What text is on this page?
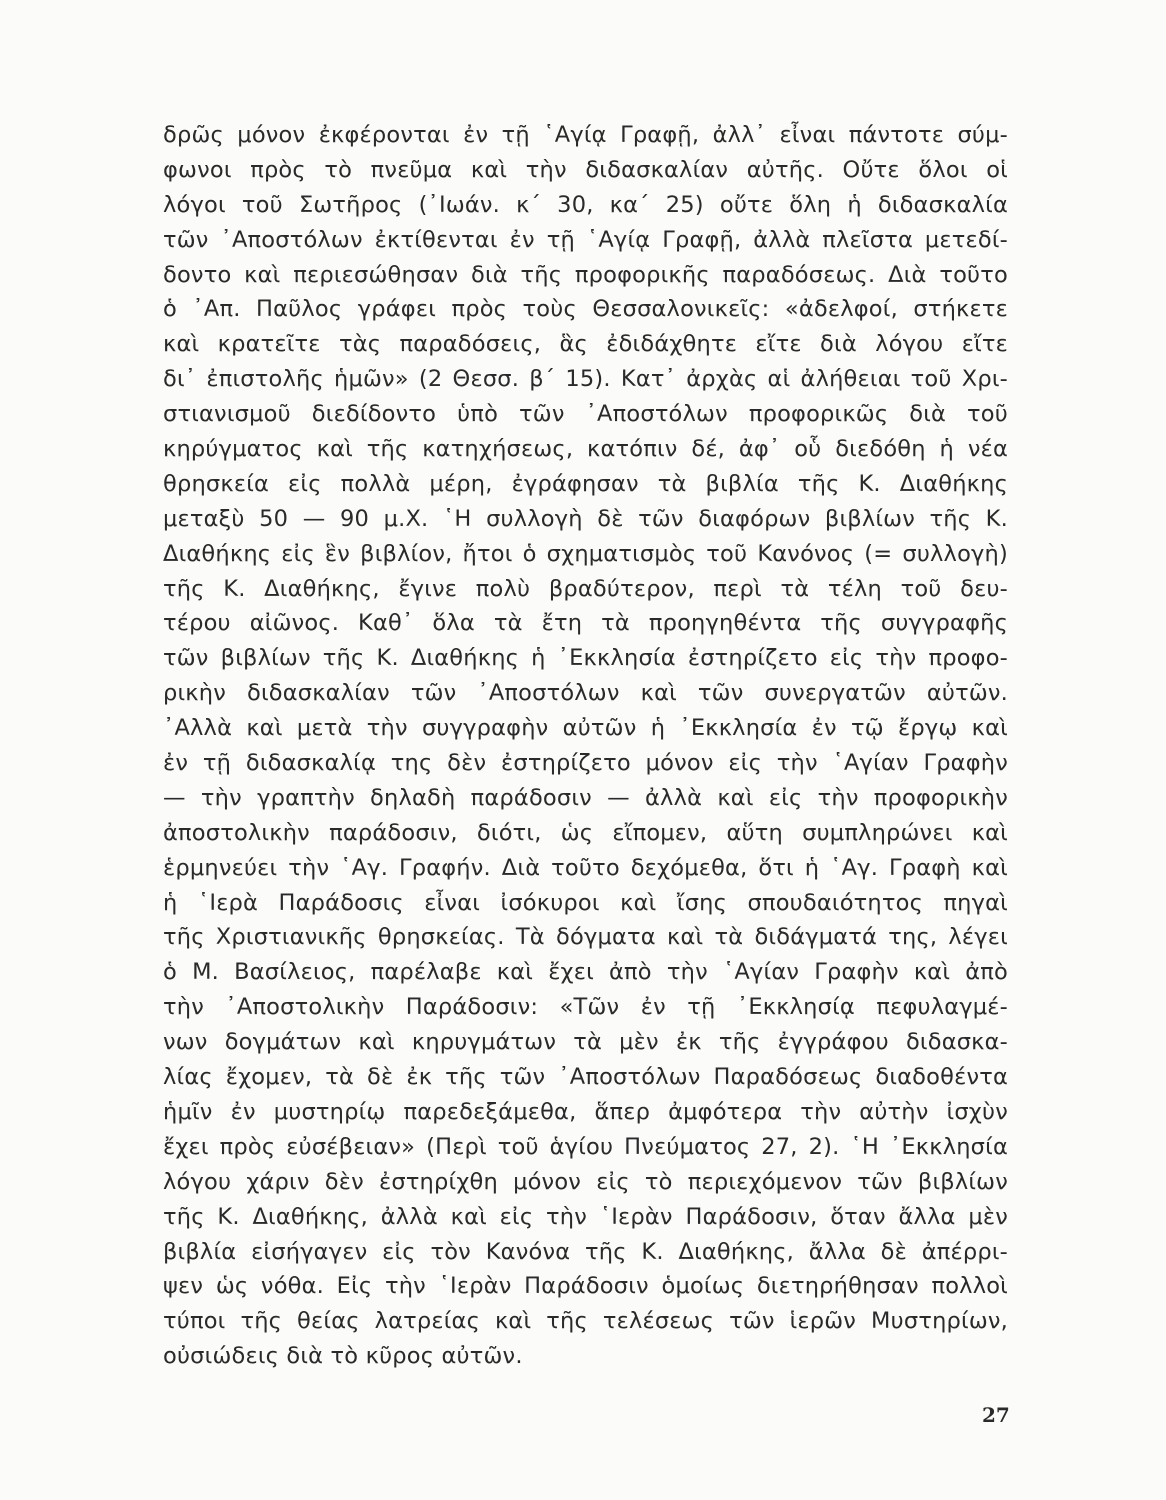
δρῶς μόνον ἐκφέρονται ἐν τῇ ῾Αγίᾳ Γραφῇ, ἀλλ᾽ εἶναι πάντοτε σύμ-
φωνοι πρὸς τὸ πνεῦμα καὶ τὴν διδασκαλίαν αὐτῆς. Οὔτε ὅλοι οἱ
λόγοι τοῦ Σωτῆρος (᾽Ιωάν. κ΄ 30, κα΄ 25) οὔτε ὅλη ἡ διδασκαλία
τῶν ᾽Αποστόλων ἐκτίθενται ἐν τῇ ῾Αγίᾳ Γραφῇ, ἀλλὰ πλεῖστα μετεδί-
δοντο καὶ περιεσώθησαν διὰ τῆς προφορικῆς παραδόσεως. Διὰ τοῦτο
ὁ ᾽Απ. Παῦλος γράφει πρὸς τοὺς Θεσσαλονικεῖς: «ἀδελφοί, στήκετε
καὶ κρατεῖτε τὰς παραδόσεις, ἃς ἐδιδάχθητε εἴτε διὰ λόγου εἴτε
δι᾽ ἐπιστολῆς ἡμῶν» (2 Θεσσ. β΄ 15). Κατ᾽ ἀρχὰς αἱ ἀλήθειαι τοῦ Χρι-
στιανισμοῦ διεδίδοντο ὑπὸ τῶν ᾽Αποστόλων προφορικῶς διὰ τοῦ
κηρύγματος καὶ τῆς κατηχήσεως, κατόπιν δέ, ἀφ᾽ οὗ διεδόθη ἡ νέα
θρησκεία εἰς πολλὰ μέρη, ἐγράφησαν τὰ βιβλία τῆς Κ. Διαθήκης
μεταξὺ 50 — 90 μ.Χ. ῾Η συλλογὴ δὲ τῶν διαφόρων βιβλίων τῆς Κ.
Διαθήκης εἰς ἓν βιβλίον, ἤτοι ὁ σχηματισμὸς τοῦ Κανόνος (= συλλογὴ)
τῆς Κ. Διαθήκης, ἔγινε πολὺ βραδύτερον, περὶ τὰ τέλη τοῦ δευ-
τέρου αἰῶνος. Καθ᾽ ὅλα τὰ ἔτη τὰ προηγηθέντα τῆς συγγραφῆς
τῶν βιβλίων τῆς Κ. Διαθήκης ἡ ᾽Εκκλησία ἐστηρίζετο εἰς τὴν προφο-
ρικὴν διδασκαλίαν τῶν ᾽Αποστόλων καὶ τῶν συνεργατῶν αὐτῶν.
᾽Αλλὰ καὶ μετὰ τὴν συγγραφὴν αὐτῶν ἡ ᾽Εκκλησία ἐν τῷ ἔργῳ καὶ
ἐν τῇ διδασκαλίᾳ της δὲν ἐστηρίζετο μόνον εἰς τὴν ῾Αγίαν Γραφὴν
— τὴν γραπτὴν δηλαδὴ παράδοσιν — ἀλλὰ καὶ εἰς τὴν προφορικὴν
ἀποστολικὴν παράδοσιν, διότι, ὡς εἴπομεν, αὕτη συμπληρώνει καὶ
ἑρμηνεύει τὴν ῾Αγ. Γραφήν. Διὰ τοῦτο δεχόμεθα, ὅτι ἡ ῾Αγ. Γραφὴ καὶ
ἡ ῾Ιερὰ Παράδοσις εἶναι ἰσόκυροι καὶ ἴσης σπουδαιότητος πηγαὶ
τῆς Χριστιανικῆς θρησκείας. Τὰ δόγματα καὶ τὰ διδάγματά της, λέγει
ὁ Μ. Βασίλειος, παρέλαβε καὶ ἔχει ἀπὸ τὴν ῾Αγίαν Γραφὴν καὶ ἀπὸ
τὴν ᾽Αποστολικὴν Παράδοσιν: «Τῶν ἐν τῇ ᾽Εκκλησίᾳ πεφυλαγμέ-
νων δογμάτων καὶ κηρυγμάτων τὰ μὲν ἐκ τῆς ἐγγράφου διδασκα-
λίας ἔχομεν, τὰ δὲ ἐκ τῆς τῶν ᾽Αποστόλων Παραδόσεως διαδοθέντα
ἡμῖν ἐν μυστηρίῳ παρεδεξάμεθα, ἅπερ ἀμφότερα τὴν αὐτὴν ἰσχὺν
ἔχει πρὸς εὐσέβειαν» (Περὶ τοῦ ἁγίου Πνεύματος 27, 2). ῾Η ᾽Εκκλησία
λόγου χάριν δὲν ἐστηρίχθη μόνον εἰς τὸ περιεχόμενον τῶν βιβλίων
τῆς Κ. Διαθήκης, ἀλλὰ καὶ εἰς τὴν ῾Ιερὰν Παράδοσιν, ὅταν ἄλλα μὲν
βιβλία εἰσήγαγεν εἰς τὸν Κανόνα τῆς Κ. Διαθήκης, ἄλλα δὲ ἀπέρρι-
ψεν ὡς νόθα. Εἰς τὴν ῾Ιερὰν Παράδοσιν ὁμοίως διετηρήθησαν πολλοὶ
τύποι τῆς θείας λατρείας καὶ τῆς τελέσεως τῶν ἱερῶν Μυστηρίων,
οὐσιώδεις διὰ τὸ κῦρος αὐτῶν.
27
